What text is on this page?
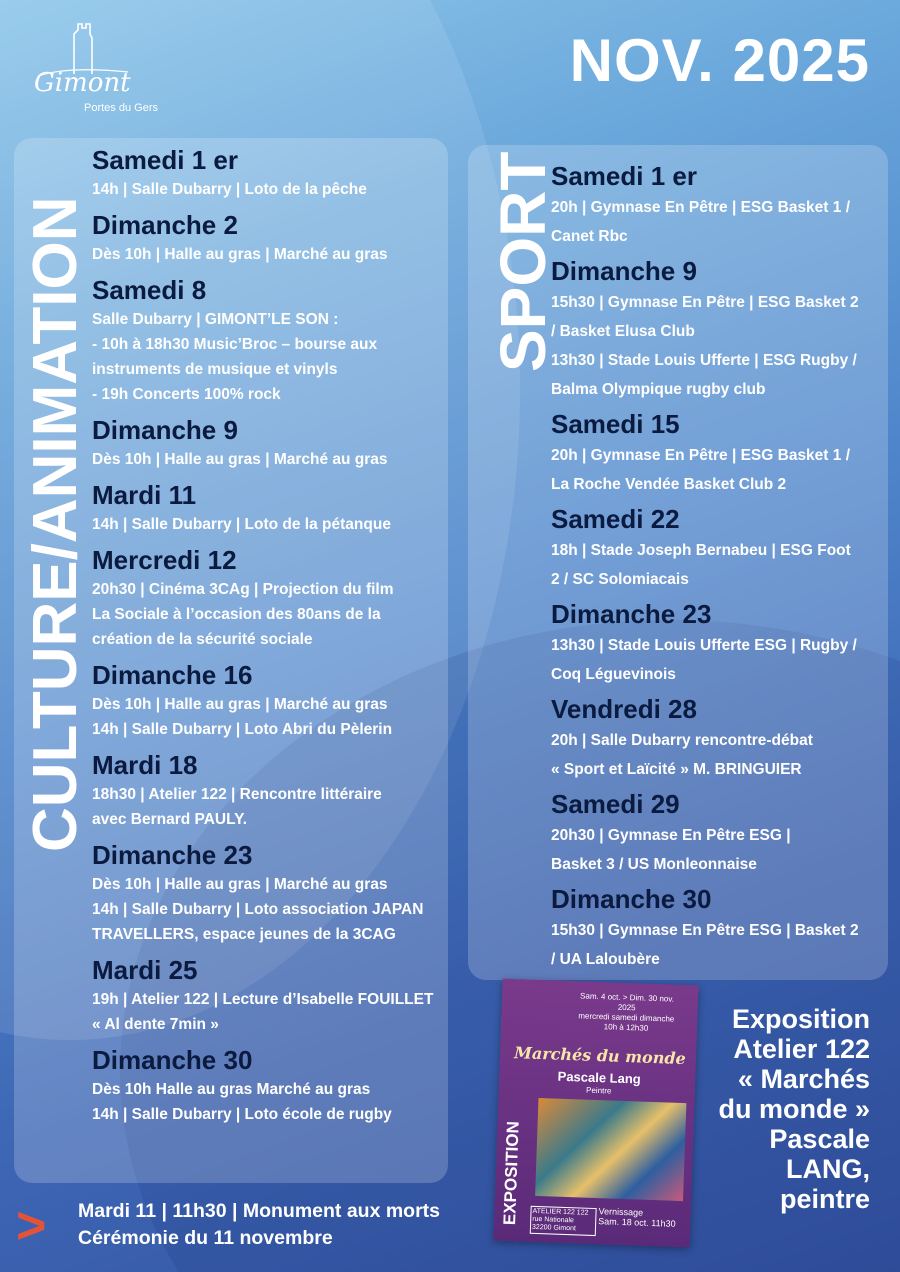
Gimont
Portes du Gers
NOV. 2025
CULTURE/ANIMATION	SPORT
Samedi 1 er
14h | Salle Dubarry | Loto de la pêche
Dimanche 2
Dès 10h | Halle au gras | Marché au gras
Samedi 8
Salle Dubarry | GIMONT’LE SON :
- 10h à 18h30 Music’Broc – bourse aux
instruments de musique et vinyls
- 19h Concerts 100% rock
Dimanche 9
Dès 10h | Halle au gras | Marché au gras
Mardi 11
14h | Salle Dubarry | Loto de la pétanque
Mercredi 12
20h30 | Cinéma 3CAg | Projection du film
La Sociale à l’occasion des 80ans de la
création de la sécurité sociale
Dimanche 16
Dès 10h | Halle au gras | Marché au gras
14h | Salle Dubarry | Loto Abri du Pèlerin
Mardi 18
18h30 | Atelier 122 | Rencontre littéraire
avec Bernard PAULY.
Dimanche 23
Dès 10h | Halle au gras | Marché au gras
14h | Salle Dubarry | Loto association JAPAN
TRAVELLERS, espace jeunes de la 3CAG
Mardi 25
19h | Atelier 122 | Lecture d’Isabelle FOUILLET
« Al dente 7min »
Dimanche 30
Dès 10h Halle au gras Marché au gras
14h | Salle Dubarry | Loto école de rugby
Samedi 1 er
20h | Gymnase En Pêtre | ESG Basket 1 /
Canet Rbc
Dimanche 9
15h30 | Gymnase En Pêtre | ESG Basket 2
/ Basket Elusa Club
13h30 | Stade Louis Ufferte | ESG Rugby /
Balma Olympique rugby club
Samedi 15
20h | Gymnase En Pêtre | ESG Basket 1 /
La Roche Vendée Basket Club 2
Samedi 22
18h | Stade Joseph Bernabeu | ESG Foot
2 / SC Solomiacais
Dimanche 23
13h30 | Stade Louis Ufferte ESG | Rugby /
Coq Léguevinois
Vendredi 28
20h | Salle Dubarry rencontre-débat
« Sport et Laïcité » M. BRINGUIER
Samedi 29
20h30 | Gymnase En Pêtre ESG |
Basket 3 / US Monleonnaise
Dimanche 30
15h30 | Gymnase En Pêtre ESG | Basket 2
/ UA Laloubère
> Mardi 11 | 11h30 | Monument aux morts
Cérémonie du 11 novembre
Sam. 4 oct. > Dim. 30 nov. 2025
mercredi samedi dimanche 10h à 12h30
Marchés du monde
Pascale Lang
Peintre
EXPOSITION	ATELIER 122 122 rue Nationale 32200 Gimont
Vernissage
Sam. 18 oct. 11h30
Exposition
Atelier 122
« Marchés
du monde »
Pascale
LANG,
peintre
